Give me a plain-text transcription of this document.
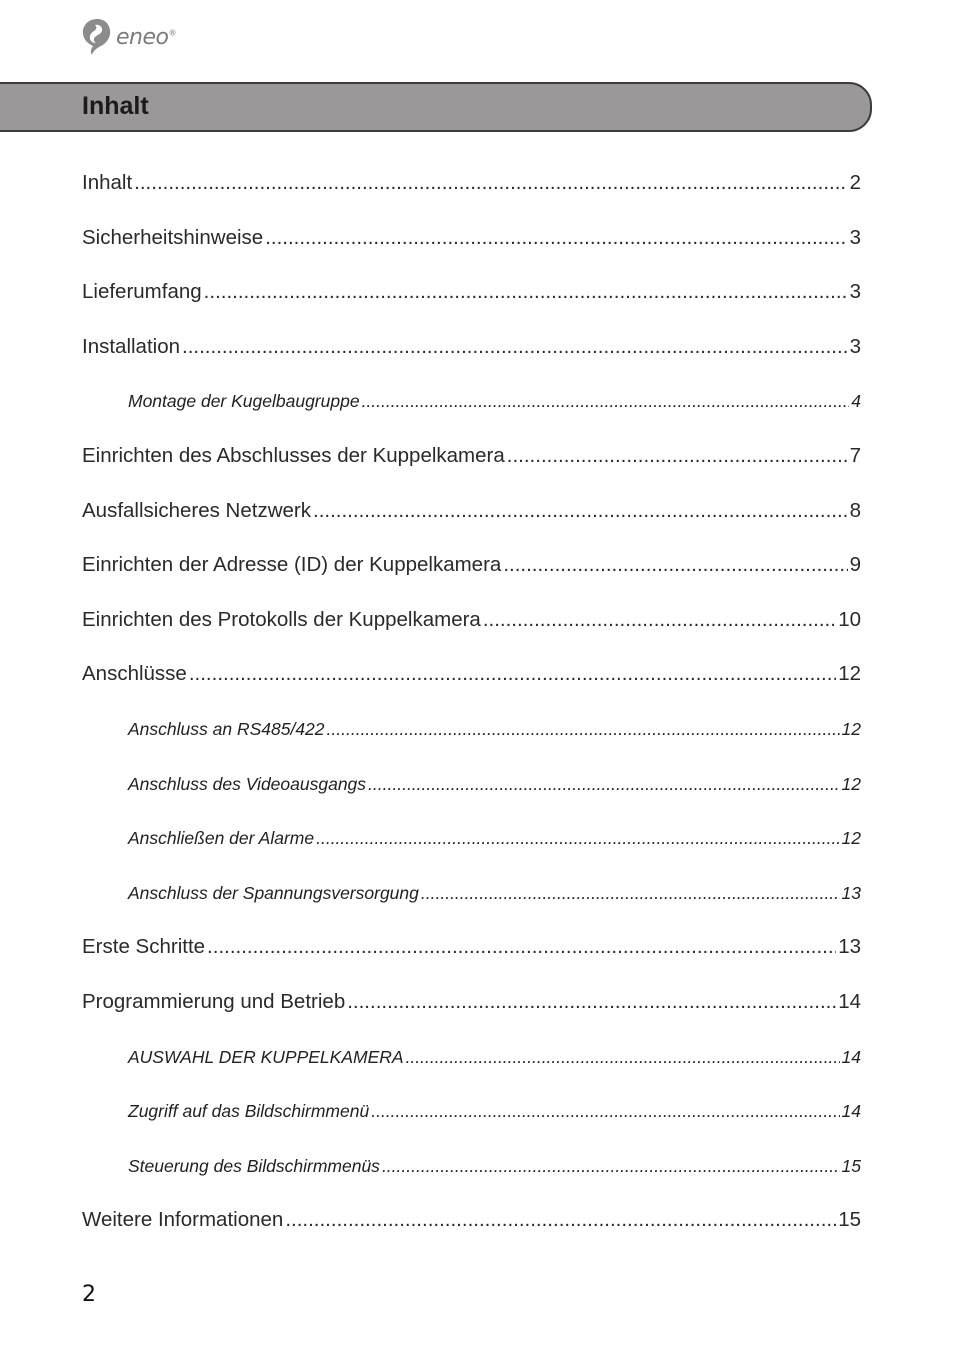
eneo®
Inhalt
Inhalt .....	2
Sicherheitshinweise .....	3
Lieferumfang .....	3
Installation .....	3
Montage der Kugelbaugruppe .....	4
Einrichten des Abschlusses der Kuppelkamera .....	7
Ausfallsicheres Netzwerk .....	8
Einrichten der Adresse (ID) der Kuppelkamera .....	9
Einrichten des Protokolls der Kuppelkamera .....	10
Anschlüsse .....	12
Anschluss an RS485/422 .....	12
Anschluss des Videoausgangs .....	12
Anschließen der Alarme .....	12
Anschluss der Spannungsversorgung .....	13
Erste Schritte .....	13
Programmierung und Betrieb .....	14
AUSWAHL DER KUPPELKAMERA .....	14
Zugriff auf das Bildschirmmenü .....	14
Steuerung des Bildschirmmenüs .....	15
Weitere Informationen .....	15
2
